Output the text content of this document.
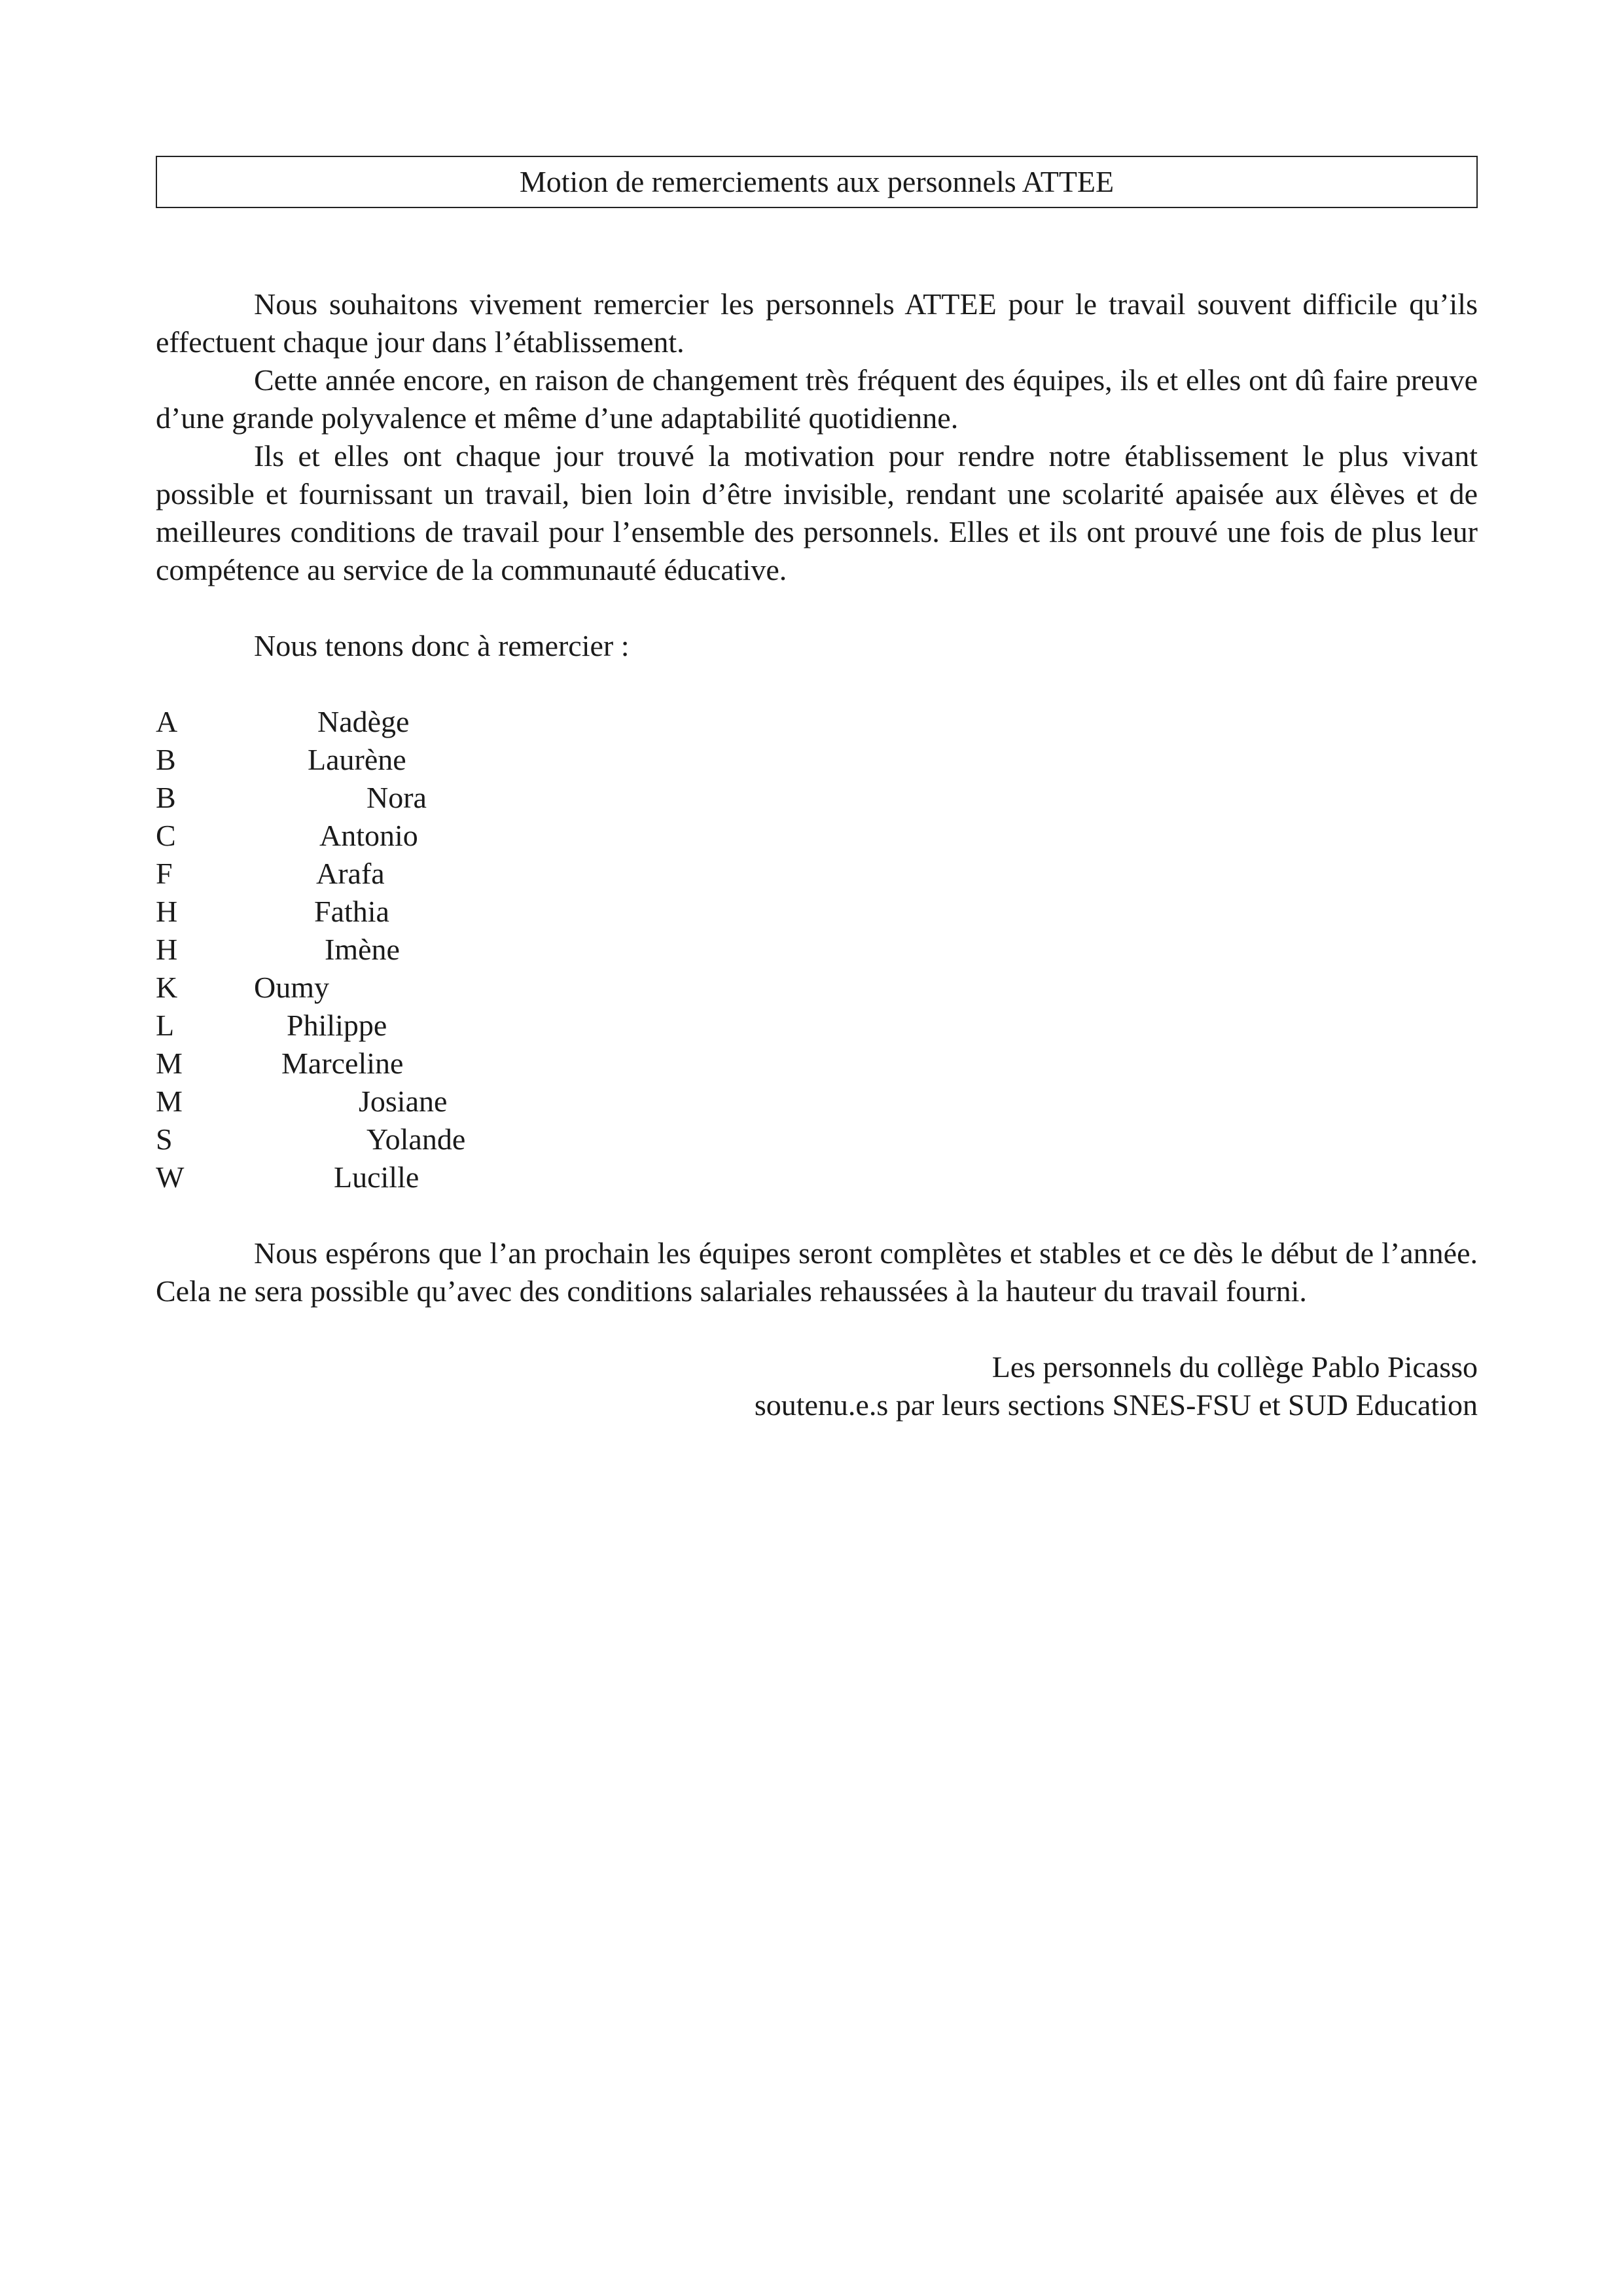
Motion de remerciements aux personnels ATTEE

Nous souhaitons vivement remercier les personnels ATTEE pour le travail souvent difficile qu’ils effectuent chaque jour dans l’établissement.

Cette année encore, en raison de changement très fréquent des équipes, ils et elles ont dû faire preuve d’une grande polyvalence et même d’une adaptabilité quotidienne.

Ils et elles ont chaque jour trouvé la motivation pour rendre notre établissement le plus vivant possible et fournissant un travail, bien loin d’être invisible, rendant une scolarité apaisée aux élèves et de meilleures conditions de travail pour l’ensemble des personnels. Elles et ils ont prouvé une fois de plus leur compétence au service de la communauté éducative.

Nous tenons donc à remercier :

A	Nadège
B	Laurène
B	Nora
C	Antonio
F	Arafa
H	Fathia
H	Imène
K	Oumy
L	Philippe
M	Marceline
M	Josiane
S	Yolande
W	Lucille

Nous espérons que l’an prochain les équipes seront complètes et stables et ce dès le début de l’année. Cela ne sera possible qu’avec des conditions salariales rehaussées à la hauteur du travail fourni.

Les personnels du collège Pablo Picasso
soutenu.e.s par leurs sections SNES-FSU et SUD Education
